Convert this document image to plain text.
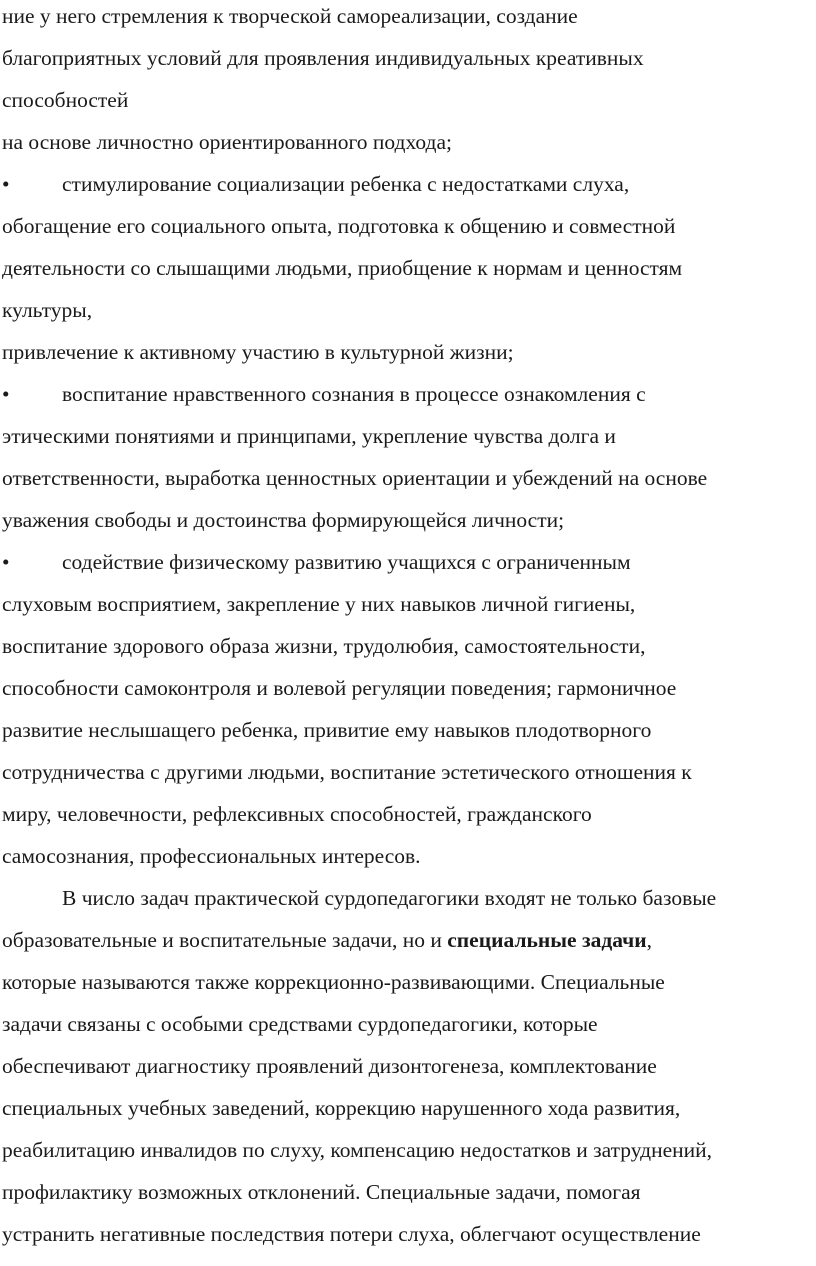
ние у него стремления к творческой самореализации, создание
благоприятных условий для проявления индивидуальных креативных
способностей
на основе личностно ориентированного подхода;
• стимулирование социализации ребенка с недостатками слуха,
обогащение его социального опыта, подготовка к общению и совместной
деятельности со слышащими людьми, приобщение к нормам и ценностям
культуры,
привлечение к активному участию в культурной жизни;
• воспитание нравственного сознания в процессе ознакомления с
этическими понятиями и принципами, укрепление чувства долга и
ответственности, выработка ценностных ориентации и убеждений на основе
уважения свободы и достоинства формирующейся личности;
• содействие физическому развитию учащихся с ограниченным
слуховым восприятием, закрепление у них навыков личной гигиены,
воспитание здорового образа жизни, трудолюбия, самостоятельности,
способности самоконтроля и волевой регуляции поведения; гармоничное
развитие неслышащего ребенка, привитие ему навыков плодотворного
сотрудничества с другими людьми, воспитание эстетического отношения к
миру, человечности, рефлексивных способностей, гражданского
самосознания, профессиональных интересов.
В число задач практической сурдопедагогики входят не только базовые
образовательные и воспитательные задачи, но и специальные задачи,
которые называются также коррекционно-развивающими. Специальные
задачи связаны с особыми средствами сурдопедагогики, которые
обеспечивают диагностику проявлений дизонтогенеза, комплектование
специальных учебных заведений, коррекцию нарушенного хода развития,
реабилитацию инвалидов по слуху, компенсацию недостатков и затруднений,
профилактику возможных отклонений. Специальные задачи, помогая
устранить негативные последствия потери слуха, облегчают осуществление
